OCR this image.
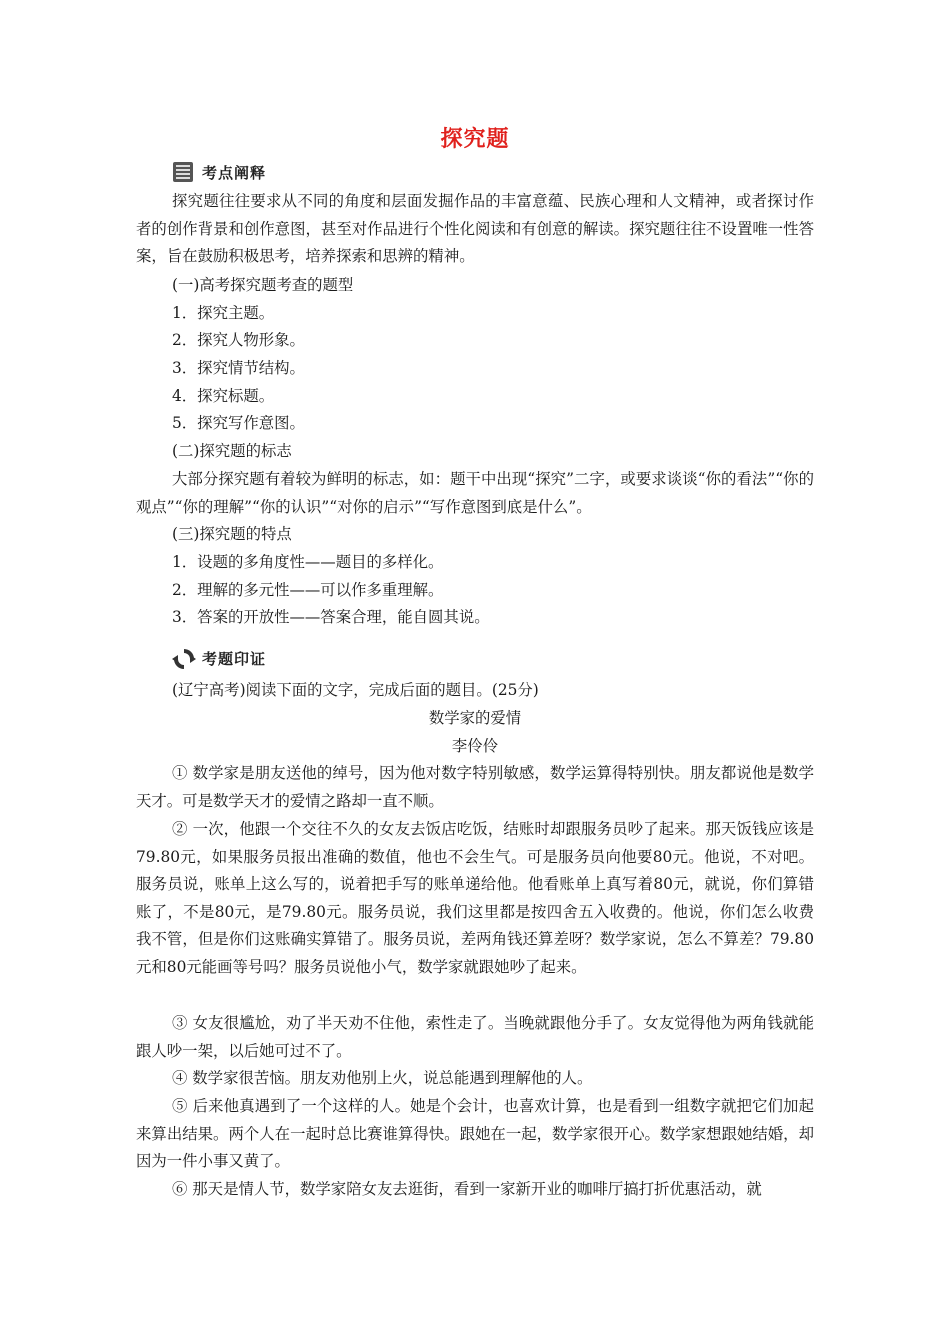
探究题
考点阐释
探究题往往要求从不同的角度和层面发掘作品的丰富意蕴、民族心理和人文精神，或者探讨作者的创作背景和创作意图，甚至对作品进行个性化阅读和有创意的解读。探究题往往不设置唯一性答案，旨在鼓励积极思考，培养探索和思辨的精神。
(一)高考探究题考查的题型
1．探究主题。
2．探究人物形象。
3．探究情节结构。
4．探究标题。
5．探究写作意图。
(二)探究题的标志
大部分探究题有着较为鲜明的标志，如：题干中出现“探究”二字，或要求谈谈“你的看法”“你的观点”“你的理解”“你的认识”“对你的启示”“写作意图到底是什么”。
(三)探究题的特点
1．设题的多角度性——题目的多样化。
2．理解的多元性——可以作多重理解。
3．答案的开放性——答案合理，能自圆其说。
考题印证
(辽宁高考)阅读下面的文字，完成后面的题目。(25分)
数学家的爱情
李伶伶
① 数学家是朋友送他的绰号，因为他对数字特别敏感，数学运算得特别快。朋友都说他是数学天才。可是数学天才的爱情之路却一直不顺。
② 一次，他跟一个交往不久的女友去饭店吃饭，结账时却跟服务员吵了起来。那天饭钱应该是79.80元，如果服务员报出准确的数值，他也不会生气。可是服务员向他要80元。他说，不对吧。服务员说，账单上这么写的，说着把手写的账单递给他。他看账单上真写着80元，就说，你们算错账了，不是80元，是79.80元。服务员说，我们这里都是按四舍五入收费的。他说，你们怎么收费我不管，但是你们这账确实算错了。服务员说，差两角钱还算差呀？数学家说，怎么不算差？79.80元和80元能画等号吗？服务员说他小气，数学家就跟她吵了起来。
③ 女友很尴尬，劝了半天劝不住他，索性走了。当晚就跟他分手了。女友觉得他为两角钱就能跟人吵一架，以后她可过不了。
④ 数学家很苦恼。朋友劝他别上火，说总能遇到理解他的人。
⑤ 后来他真遇到了一个这样的人。她是个会计，也喜欢计算，也是看到一组数字就把它们加起来算出结果。两个人在一起时总比赛谁算得快。跟她在一起，数学家很开心。数学家想跟她结婚，却因为一件小事又黄了。
⑥ 那天是情人节，数学家陪女友去逛街，看到一家新开业的咖啡厅搞打折优惠活动，就
